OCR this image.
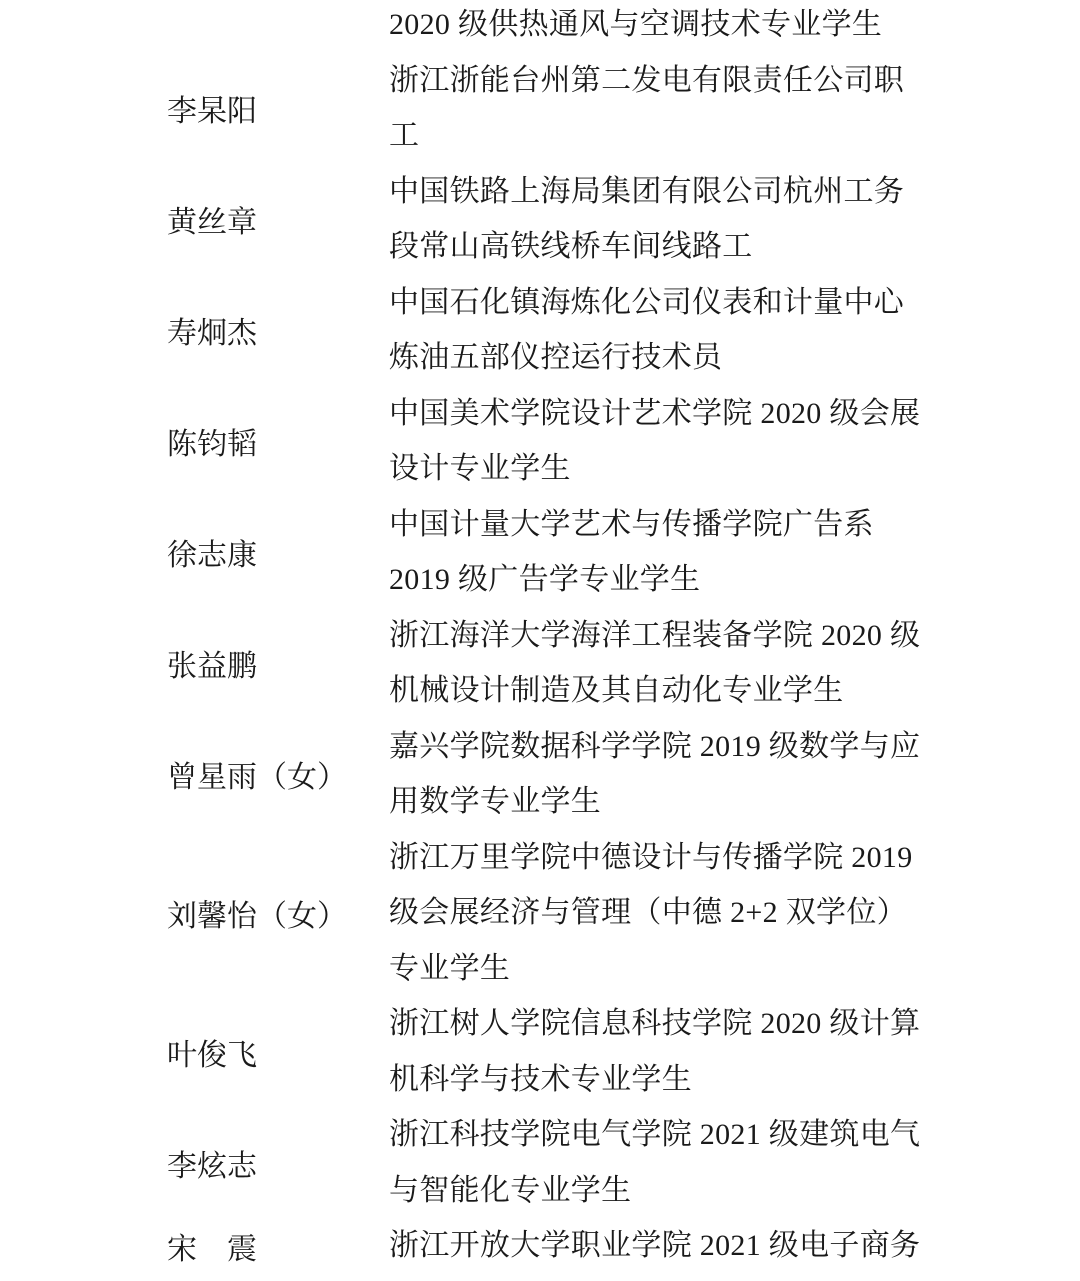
2020 级供热通风与空调技术专业学生
李杲阳
浙江浙能台州第二发电有限责任公司职
工
黄丝章
中国铁路上海局集团有限公司杭州工务
段常山高铁线桥车间线路工
寿炯杰
中国石化镇海炼化公司仪表和计量中心
炼油五部仪控运行技术员
陈钧韬
中国美术学院设计艺术学院 2020 级会展
设计专业学生
徐志康
中国计量大学艺术与传播学院广告系
2019 级广告学专业学生
张益鹏
浙江海洋大学海洋工程装备学院 2020 级
机械设计制造及其自动化专业学生
曾星雨（女）
嘉兴学院数据科学学院 2019 级数学与应
用数学专业学生
刘馨怡（女）
浙江万里学院中德设计与传播学院 2019
级会展经济与管理（中德 2+2 双学位）
专业学生
叶俊飞
浙江树人学院信息科技学院 2020 级计算
机科学与技术专业学生
李炫志
浙江科技学院电气学院 2021 级建筑电气
与智能化专业学生
宋　震	浙江开放大学职业学院 2021 级电子商务
